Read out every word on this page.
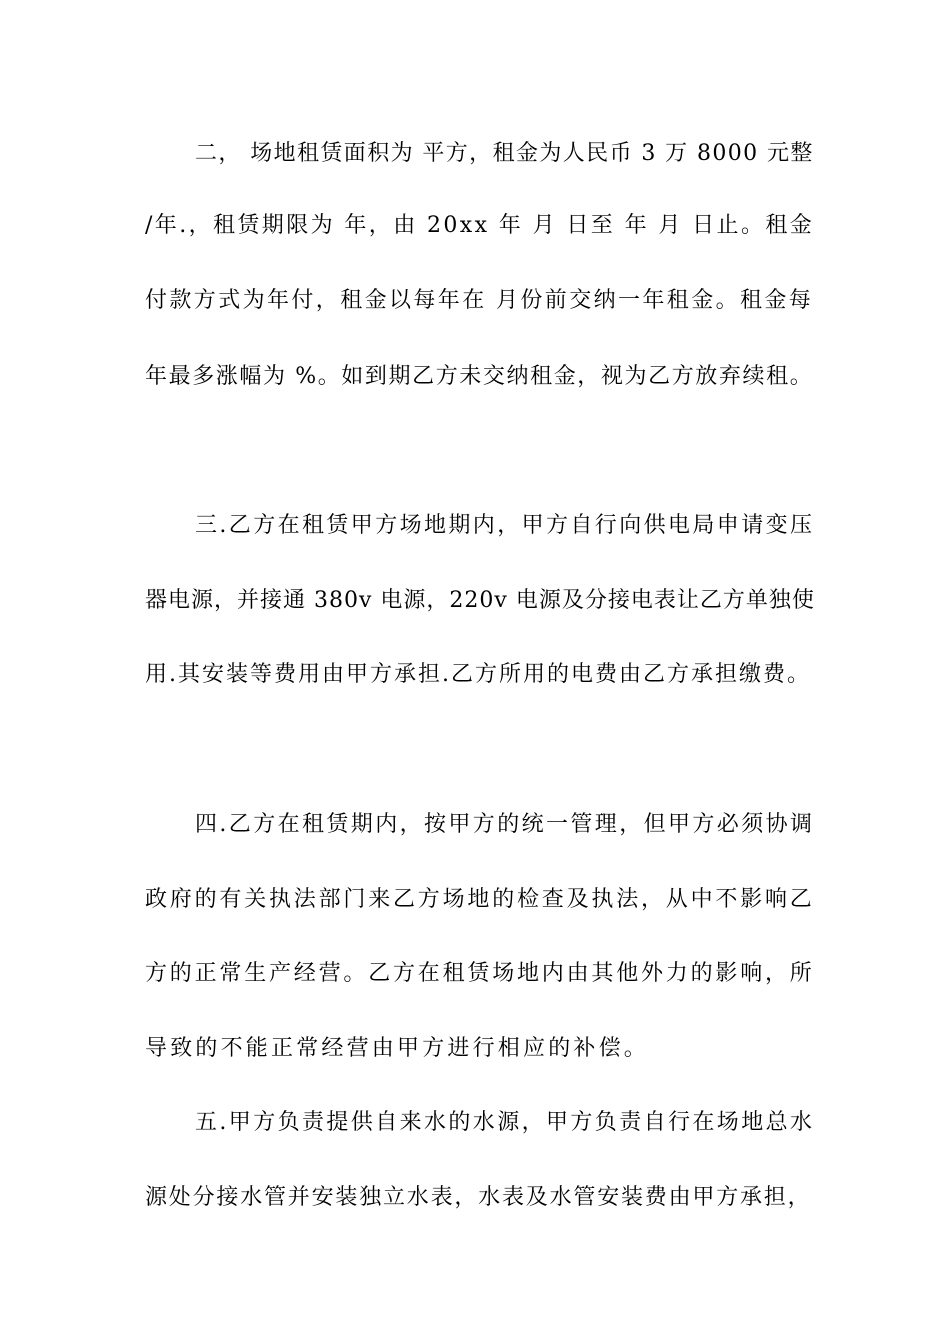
二， 场地租赁面积为 平方，租金为人民币 3 万 8000 元整
/年.，租赁期限为 年，由 20xx 年 月 日至 年 月 日止。租金
付款方式为年付，租金以每年在 月份前交纳一年租金。租金每
年最多涨幅为 %。如到期乙方未交纳租金，视为乙方放弃续租。
三.乙方在租赁甲方场地期内，甲方自行向供电局申请变压
器电源，并接通 380v 电源，220v 电源及分接电表让乙方单独使
用.其安装等费用由甲方承担.乙方所用的电费由乙方承担缴费。
四.乙方在租赁期内，按甲方的统一管理，但甲方必须协调
政府的有关执法部门来乙方场地的检查及执法，从中不影响乙
方的正常生产经营。乙方在租赁场地内由其他外力的影响，所
导致的不能正常经营由甲方进行相应的补偿。
五.甲方负责提供自来水的水源，甲方负责自行在场地总水
源处分接水管并安装独立水表，水表及水管安装费由甲方承担，
